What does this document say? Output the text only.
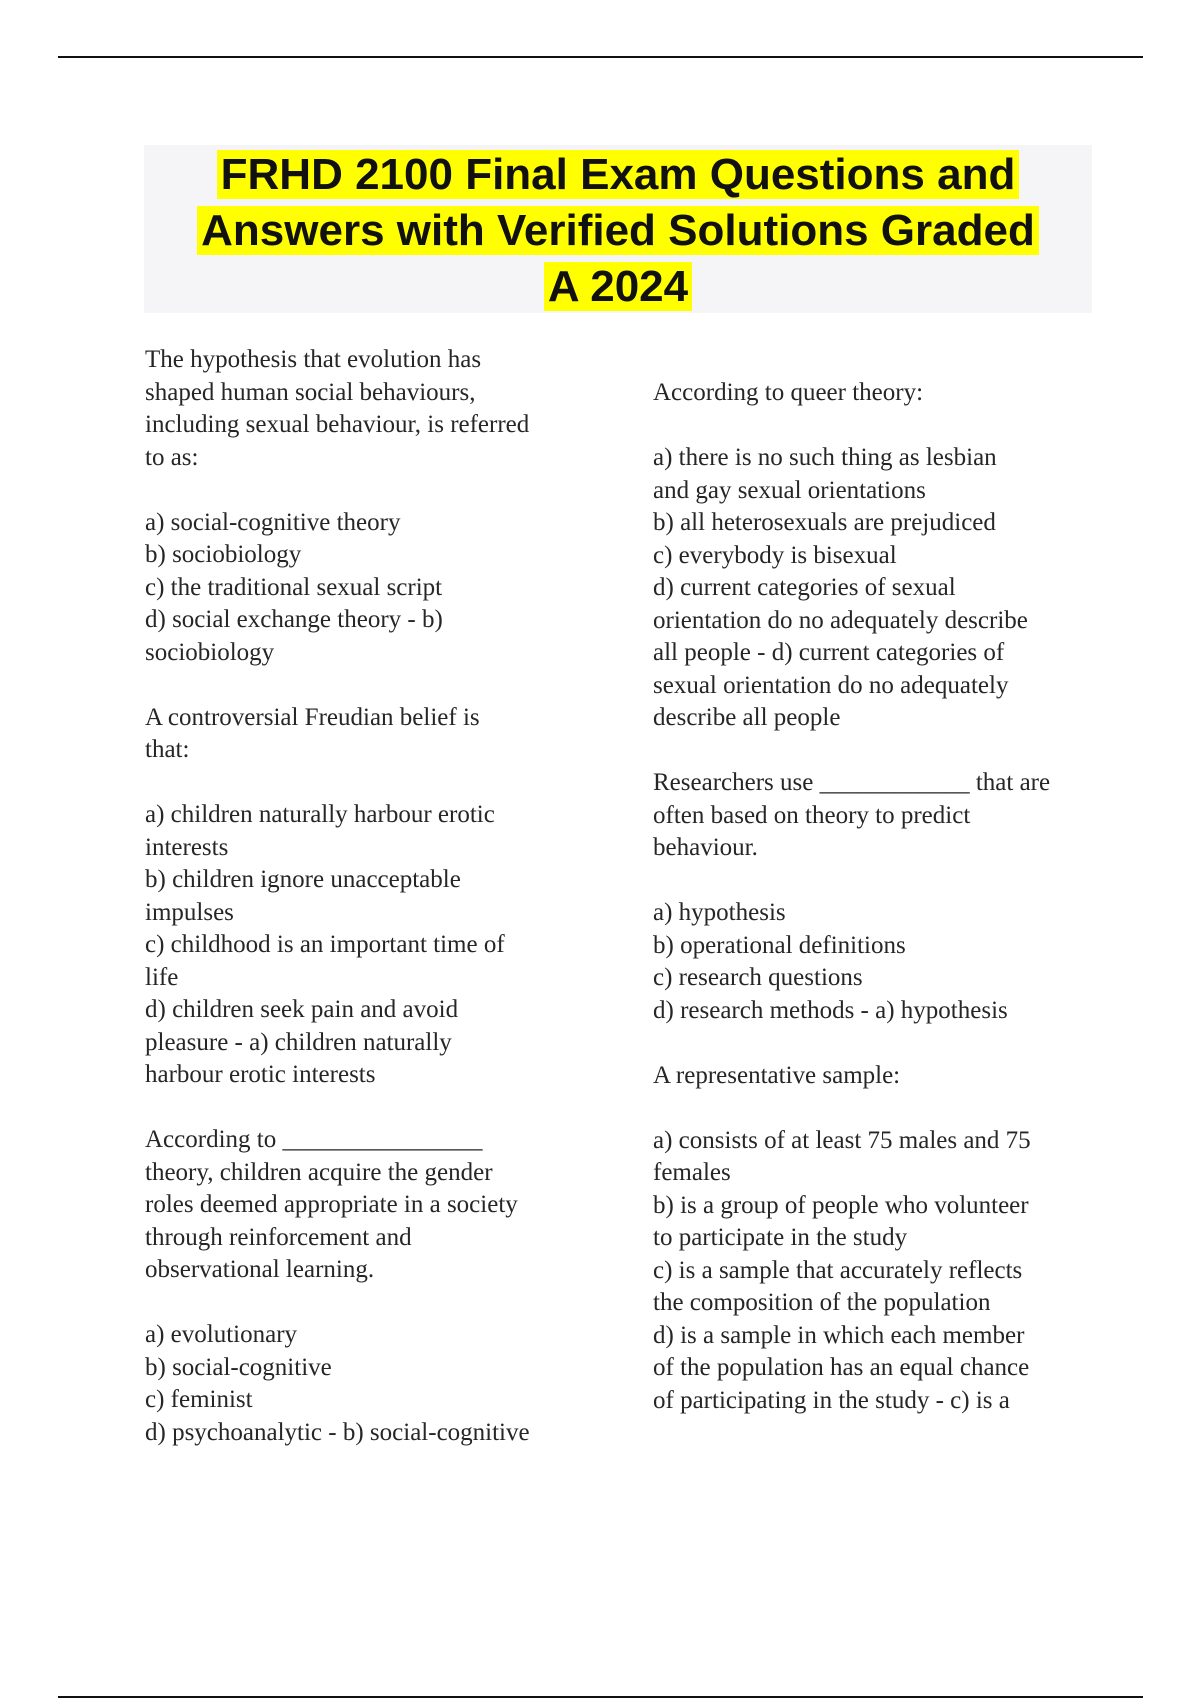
FRHD 2100 Final Exam Questions and
Answers with Verified Solutions Graded
A 2024
The hypothesis that evolution has
shaped human social behaviours,
including sexual behaviour, is referred
to as:
a) social-cognitive theory
b) sociobiology
c) the traditional sexual script
d) social exchange theory - b)
sociobiology
A controversial Freudian belief is
that:
a) children naturally harbour erotic
interests
b) children ignore unacceptable
impulses
c) childhood is an important time of
life
d) children seek pain and avoid
pleasure - a) children naturally
harbour erotic interests
According to ________________
theory, children acquire the gender
roles deemed appropriate in a society
through reinforcement and
observational learning.
a) evolutionary
b) social-cognitive
c) feminist
d) psychoanalytic - b) social-cognitive
According to queer theory:
a) there is no such thing as lesbian
and gay sexual orientations
b) all heterosexuals are prejudiced
c) everybody is bisexual
d) current categories of sexual
orientation do no adequately describe
all people - d) current categories of
sexual orientation do no adequately
describe all people
Researchers use ____________ that are
often based on theory to predict
behaviour.
a) hypothesis
b) operational definitions
c) research questions
d) research methods - a) hypothesis
A representative sample:
a) consists of at least 75 males and 75
females
b) is a group of people who volunteer
to participate in the study
c) is a sample that accurately reflects
the composition of the population
d) is a sample in which each member
of the population has an equal chance
of participating in the study - c) is a
